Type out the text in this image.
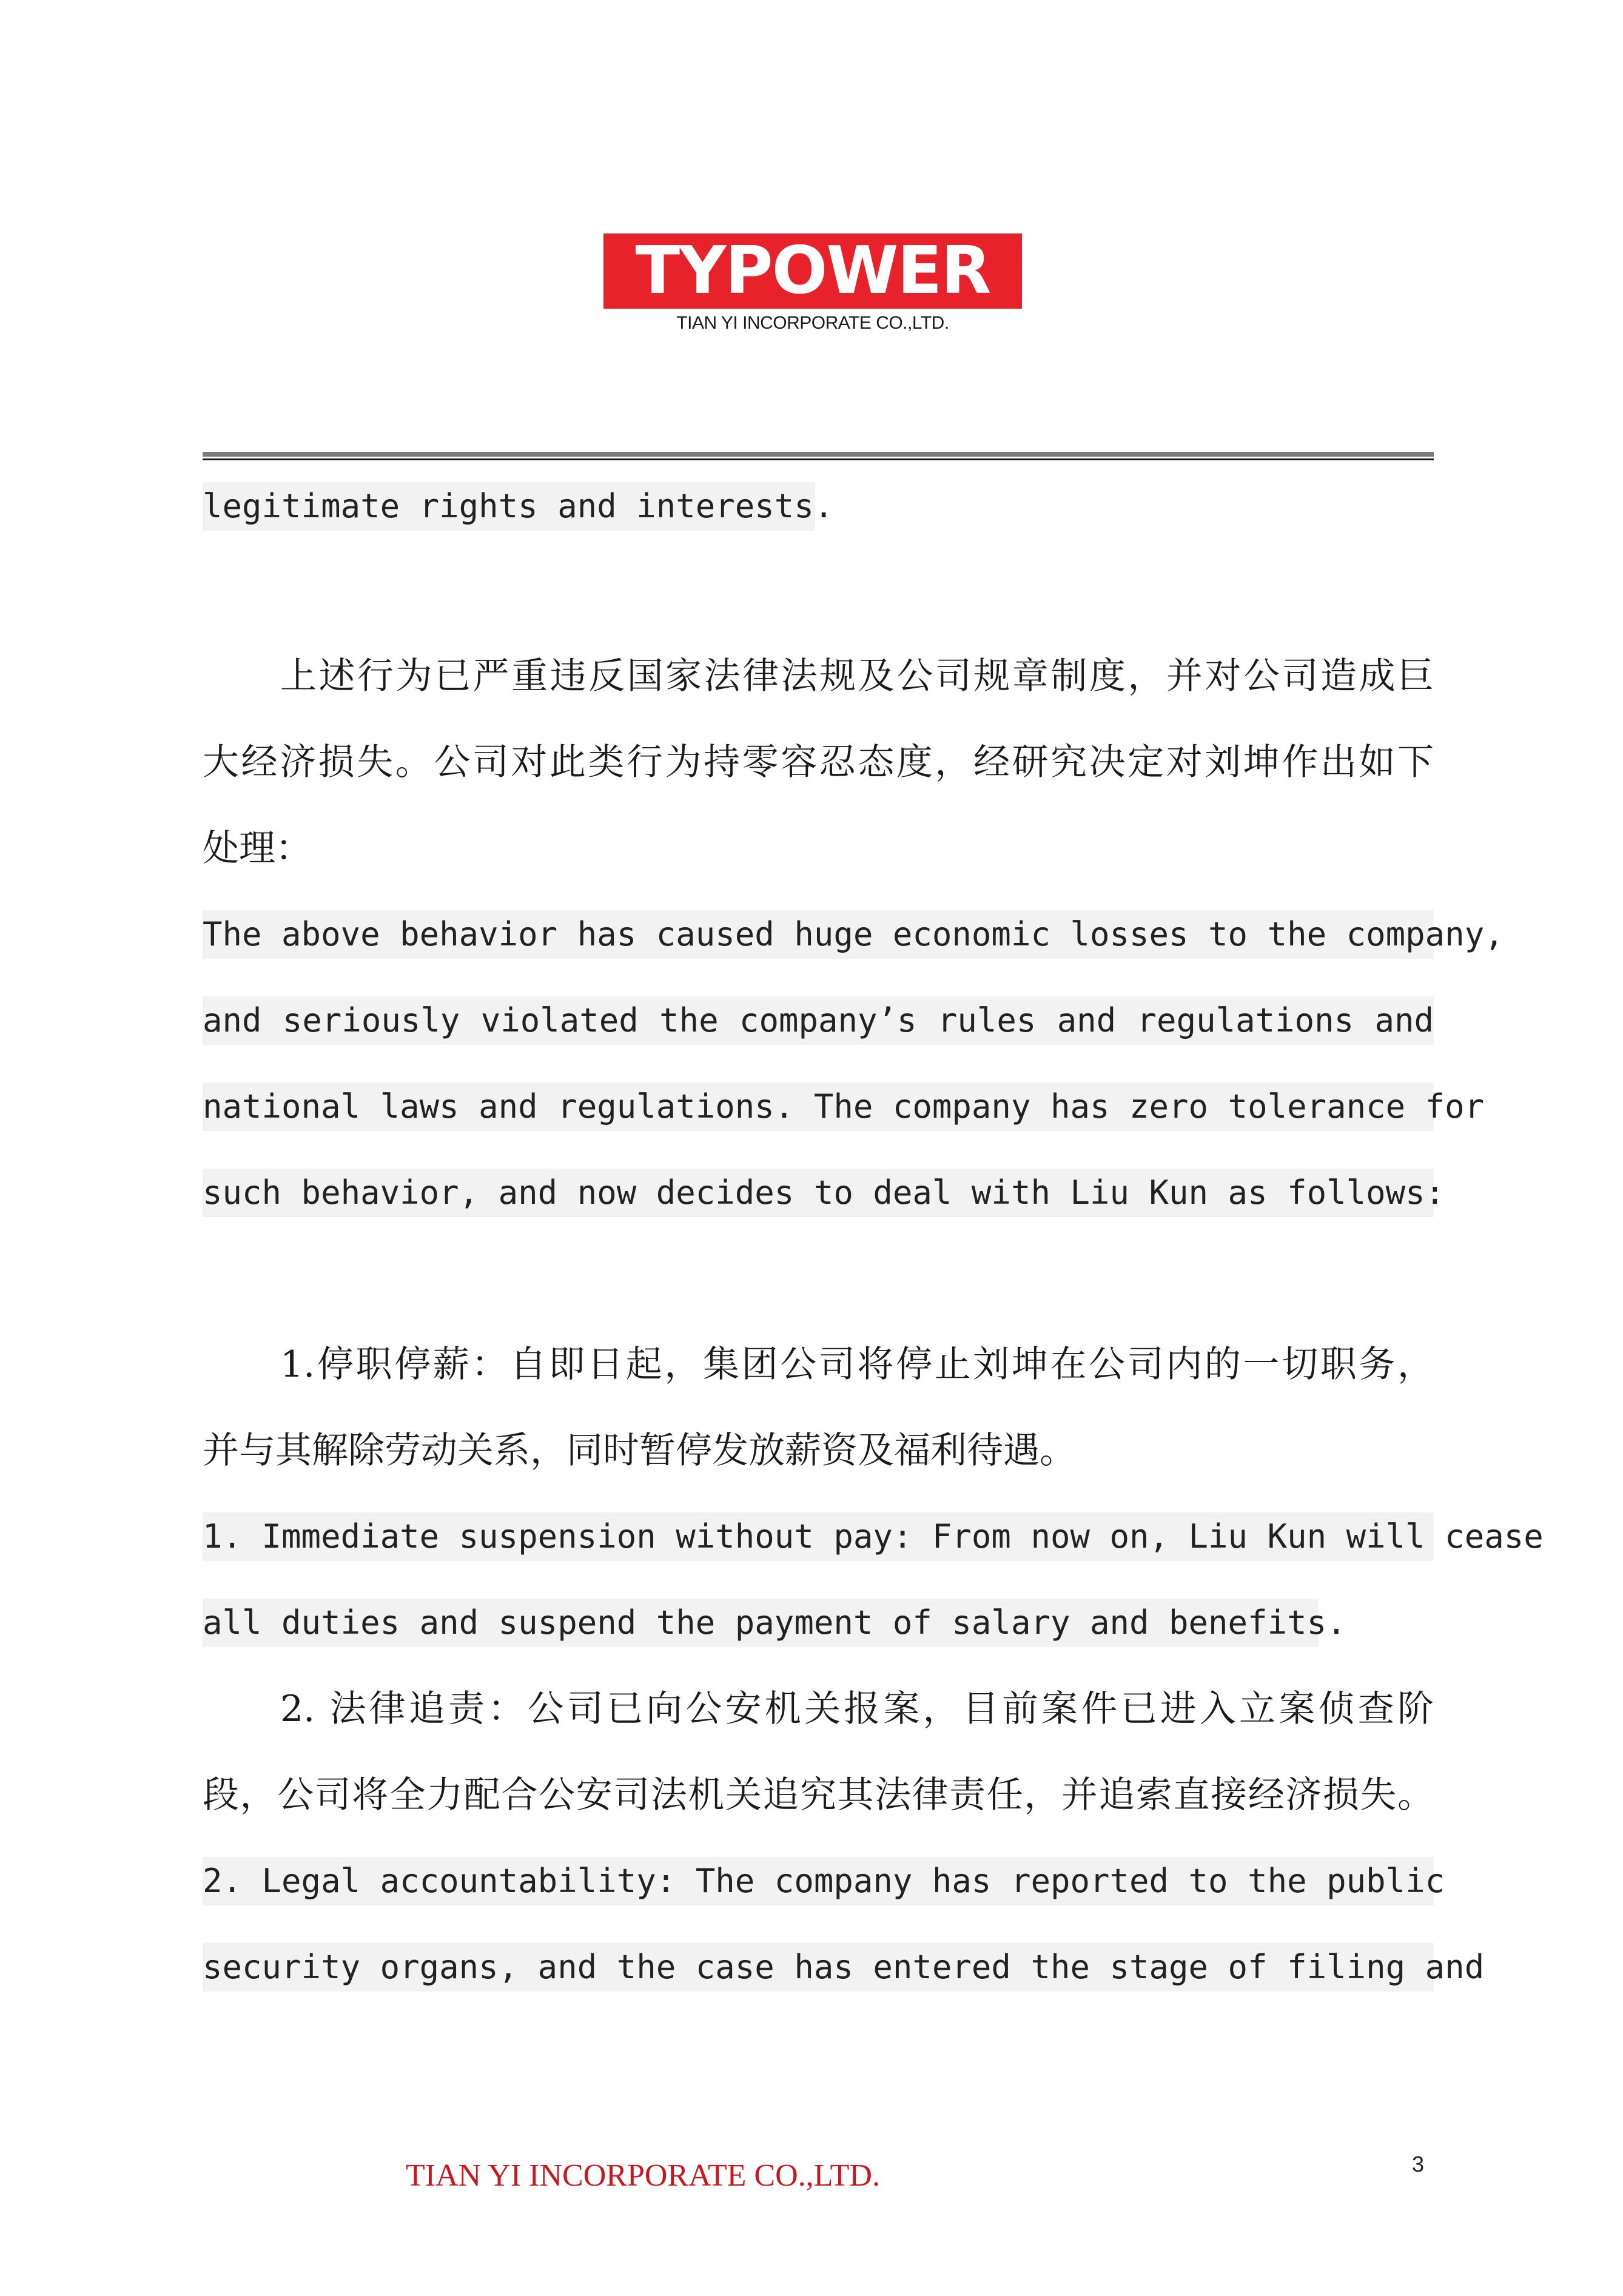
TYPOWER
TIAN YI INCORPORATE CO.,LTD.
legitimate rights and interests.
上述行为已严重违反国家法律法规及公司规章制度，并对公司造成巨
大经济损失。公司对此类行为持零容忍态度，经研究决定对刘坤作出如下
处理：
The above behavior has caused huge economic losses to the company,
and seriously violated the company’s rules and regulations and
national laws and regulations. The company has zero tolerance for
such behavior, and now decides to deal with Liu Kun as follows:
1.停职停薪：自即日起，集团公司将停止刘坤在公司内的一切职务，
并与其解除劳动关系，同时暂停发放薪资及福利待遇。
1. Immediate suspension without pay: From now on, Liu Kun will cease
all duties and suspend the payment of salary and benefits.
2. 法律追责：公司已向公安机关报案，目前案件已进入立案侦查阶
段，公司将全力配合公安司法机关追究其法律责任，并追索直接经济损失。
2. Legal accountability: The company has reported to the public
security organs, and the case has entered the stage of filing and
TIAN YI INCORPORATE CO.,LTD.	3
